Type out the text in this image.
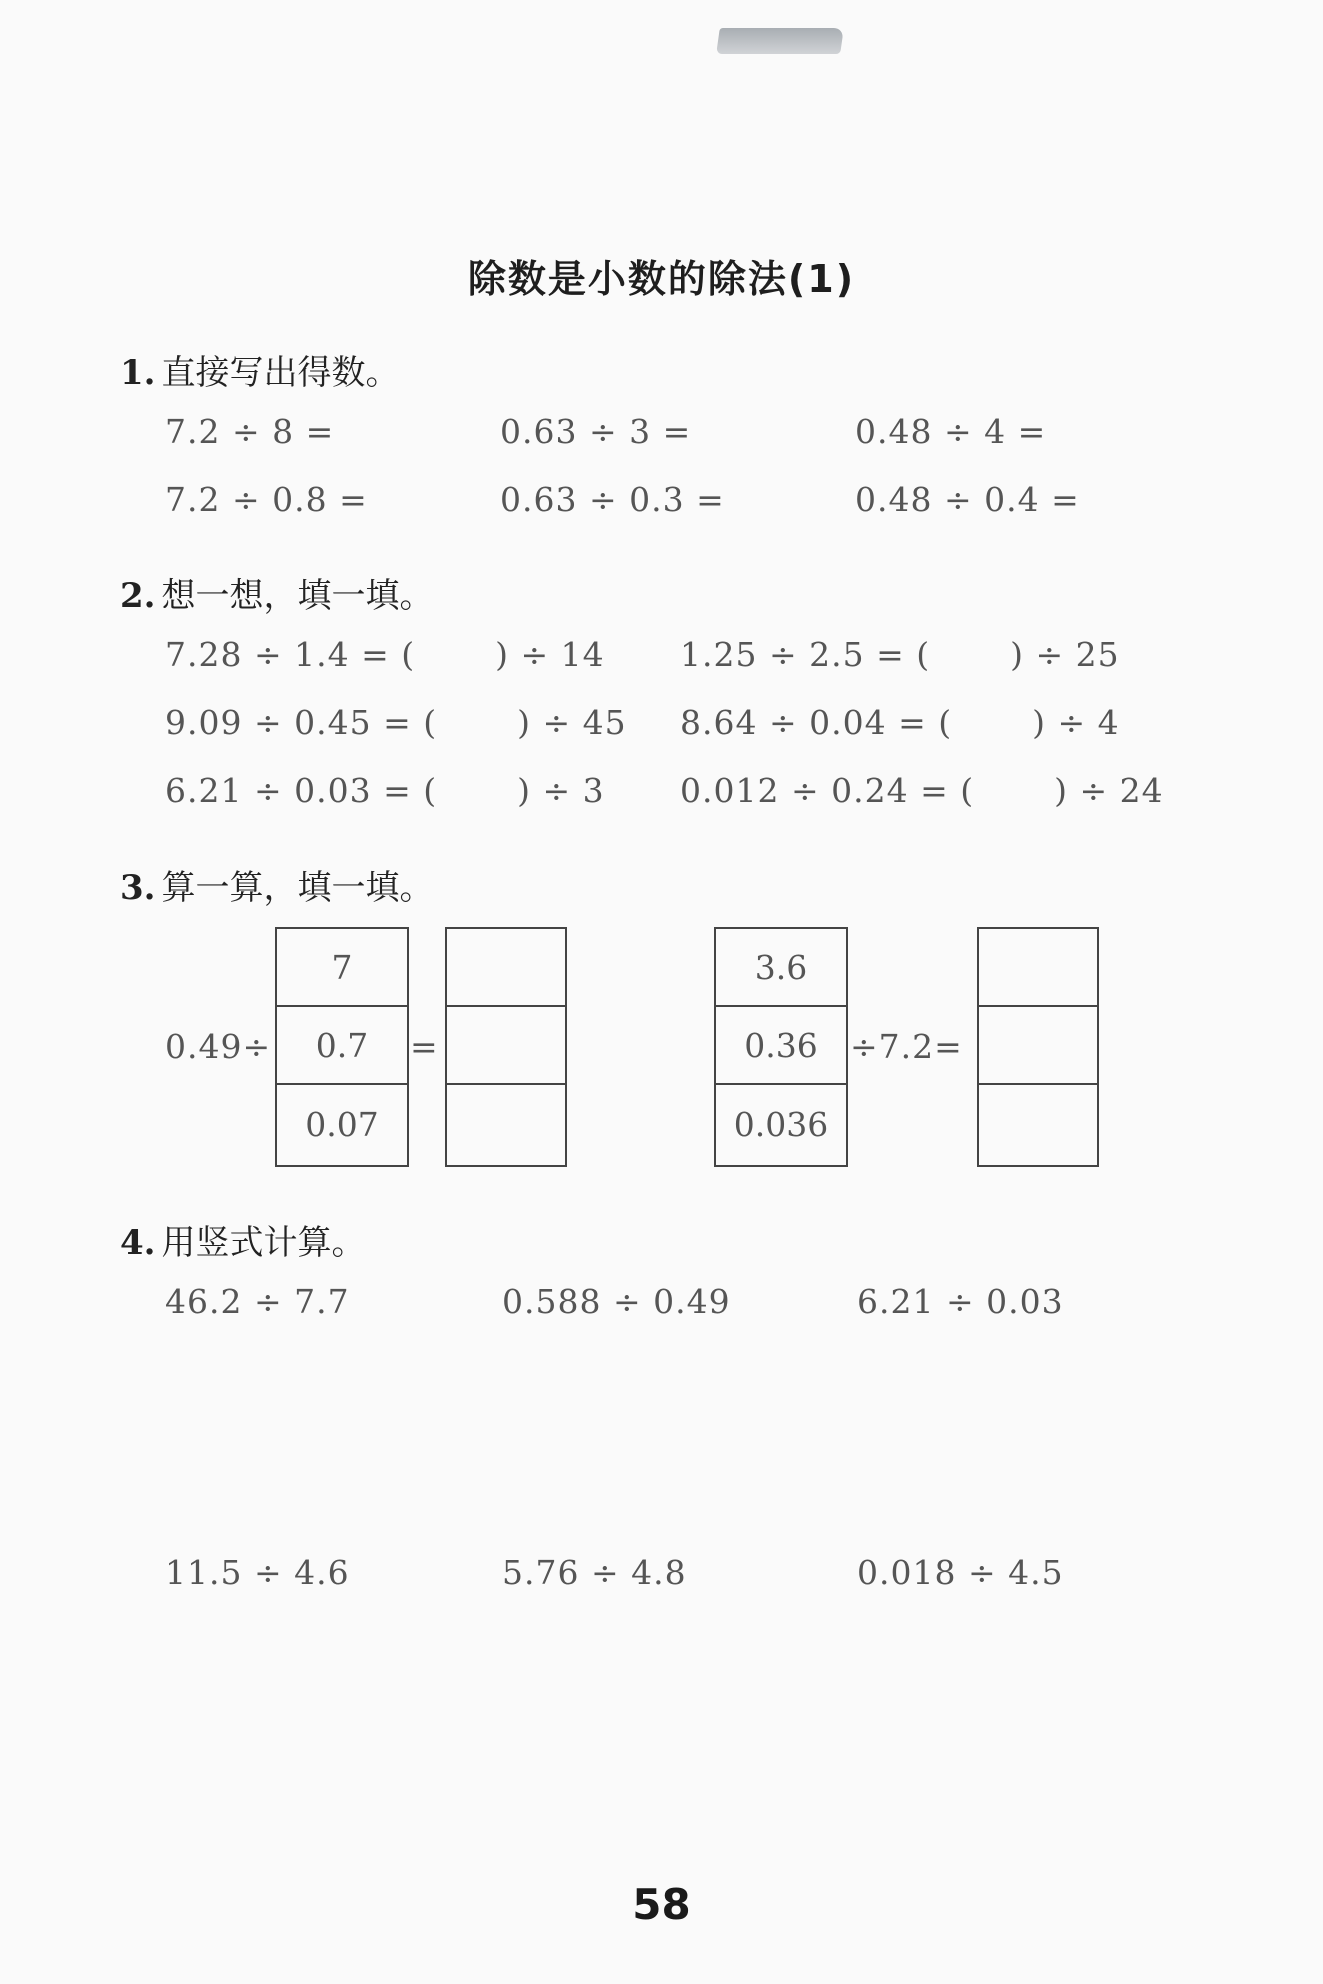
除数是小数的除法(1)
1. 直接写出得数。
7.2 ÷ 8 =	0.63 ÷ 3 =	0.48 ÷ 4 =
7.2 ÷ 0.8 =	0.63 ÷ 0.3 =	0.48 ÷ 0.4 =
2. 想一想，填一填。
7.28 ÷ 1.4 = ( ) ÷ 14 1.25 ÷ 2.5 = ( ) ÷ 25
9.09 ÷ 0.45 = ( ) ÷ 45 8.64 ÷ 0.04 = ( ) ÷ 4
6.21 ÷ 0.03 = ( ) ÷ 3 0.012 ÷ 0.24 = ( ) ÷ 24
3. 算一算，填一填。
0.49÷
7
0.7
0.07
=
3.6
0.36
0.036
÷7.2=
4. 用竖式计算。
46.2 ÷ 7.7	0.588 ÷ 0.49	6.21 ÷ 0.03
11.5 ÷ 4.6	5.76 ÷ 4.8	0.018 ÷ 4.5
58
